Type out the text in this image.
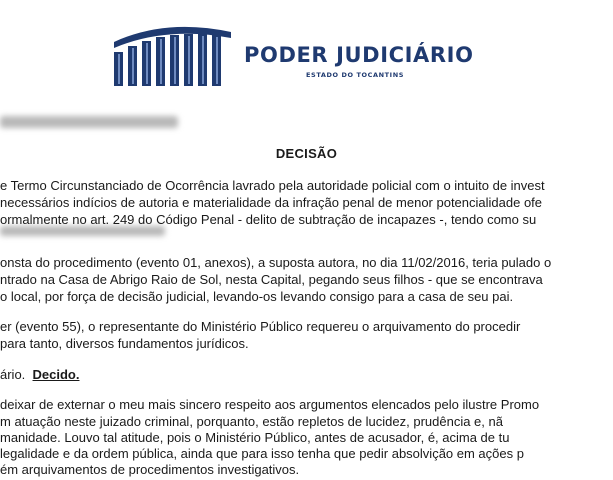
PODER JUDICIÁRIO
ESTADO DO TOCANTINS
DECISÃO

e Termo Circunstanciado de Ocorrência lavrado pela autoridade policial com o intuito de invest

necessários indícios de autoria e materialidade da infração penal de menor potencialidade ofe

ormalmente no art. 249 do Código Penal - delito de subtração de incapazes -, tendo como su

onsta do procedimento (evento 01, anexos), a suposta autora, no dia 11/02/2016, teria pulado o

ntrado na Casa de Abrigo Raio de Sol, nesta Capital, pegando seus filhos - que se encontrava

o local, por força de decisão judicial, levando-os levando consigo para a casa de seu pai.

er (evento 55), o representante do Ministério Público requereu o arquivamento do procedir

para tanto, diversos fundamentos jurídicos.

ário.  Decido.

deixar de externar o meu mais sincero respeito aos argumentos elencados pelo ilustre Promo

m atuação neste juizado criminal, porquanto, estão repletos de lucidez, prudência e, nã

manidade. Louvo tal atitude, pois o Ministério Público, antes de acusador, é, acima de tu

legalidade e da ordem pública, ainda que para isso tenha que pedir absolvição em ações p

ém arquivamentos de procedimentos investigativos.
